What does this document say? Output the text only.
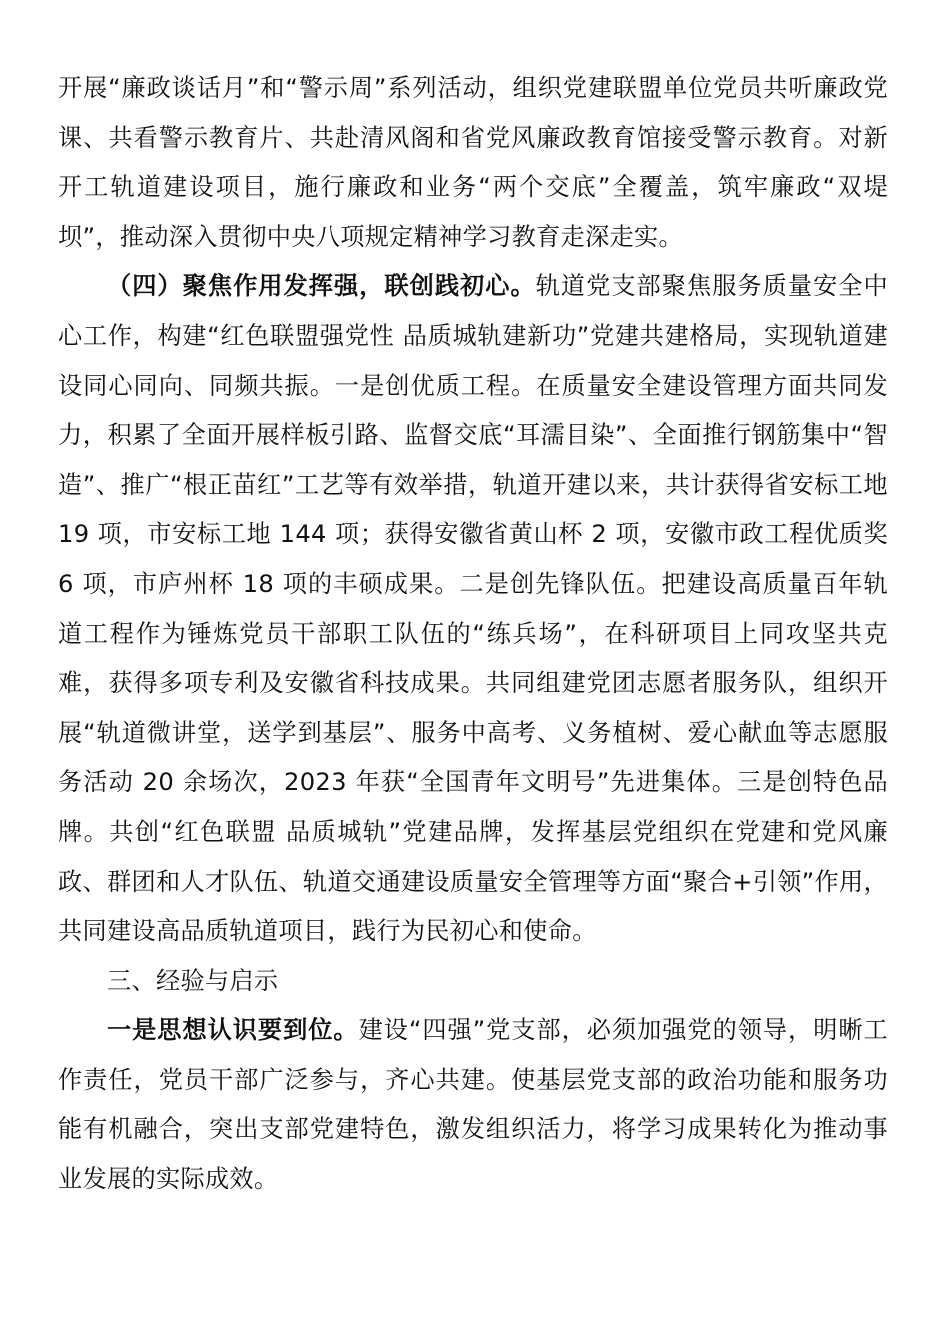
开展“廉政谈话月”和“警示周”系列活动，组织党建联盟单位党员共听廉政党课、共看警示教育片、共赴清风阁和省党风廉政教育馆接受警示教育。对新开工轨道建设项目，施行廉政和业务“两个交底”全覆盖，筑牢廉政“双堤坝”，推动深入贯彻中央八项规定精神学习教育走深走实。

（四）聚焦作用发挥强，联创践初心。轨道党支部聚焦服务质量安全中心工作，构建“红色联盟强党性 品质城轨建新功”党建共建格局，实现轨道建设同心同向、同频共振。一是创优质工程。在质量安全建设管理方面共同发力，积累了全面开展样板引路、监督交底“耳濡目染”、全面推行钢筋集中“智造”、推广“根正苗红”工艺等有效举措，轨道开建以来，共计获得省安标工地 19 项，市安标工地 144 项；获得安徽省黄山杯 2 项，安徽市政工程优质奖 6 项，市庐州杯 18 项的丰硕成果。二是创先锋队伍。把建设高质量百年轨道工程作为锤炼党员干部职工队伍的“练兵场”，在科研项目上同攻坚共克难，获得多项专利及安徽省科技成果。共同组建党团志愿者服务队，组织开展“轨道微讲堂，送学到基层”、服务中高考、义务植树、爱心献血等志愿服务活动 20 余场次，2023 年获“全国青年文明号”先进集体。三是创特色品牌。共创“红色联盟 品质城轨”党建品牌，发挥基层党组织在党建和党风廉政、群团和人才队伍、轨道交通建设质量安全管理等方面“聚合+引领”作用，共同建设高品质轨道项目，践行为民初心和使命。

三、经验与启示

一是思想认识要到位。建设“四强”党支部，必须加强党的领导，明晰工作责任，党员干部广泛参与，齐心共建。使基层党支部的政治功能和服务功能有机融合，突出支部党建特色，激发组织活力，将学习成果转化为推动事业发展的实际成效。
